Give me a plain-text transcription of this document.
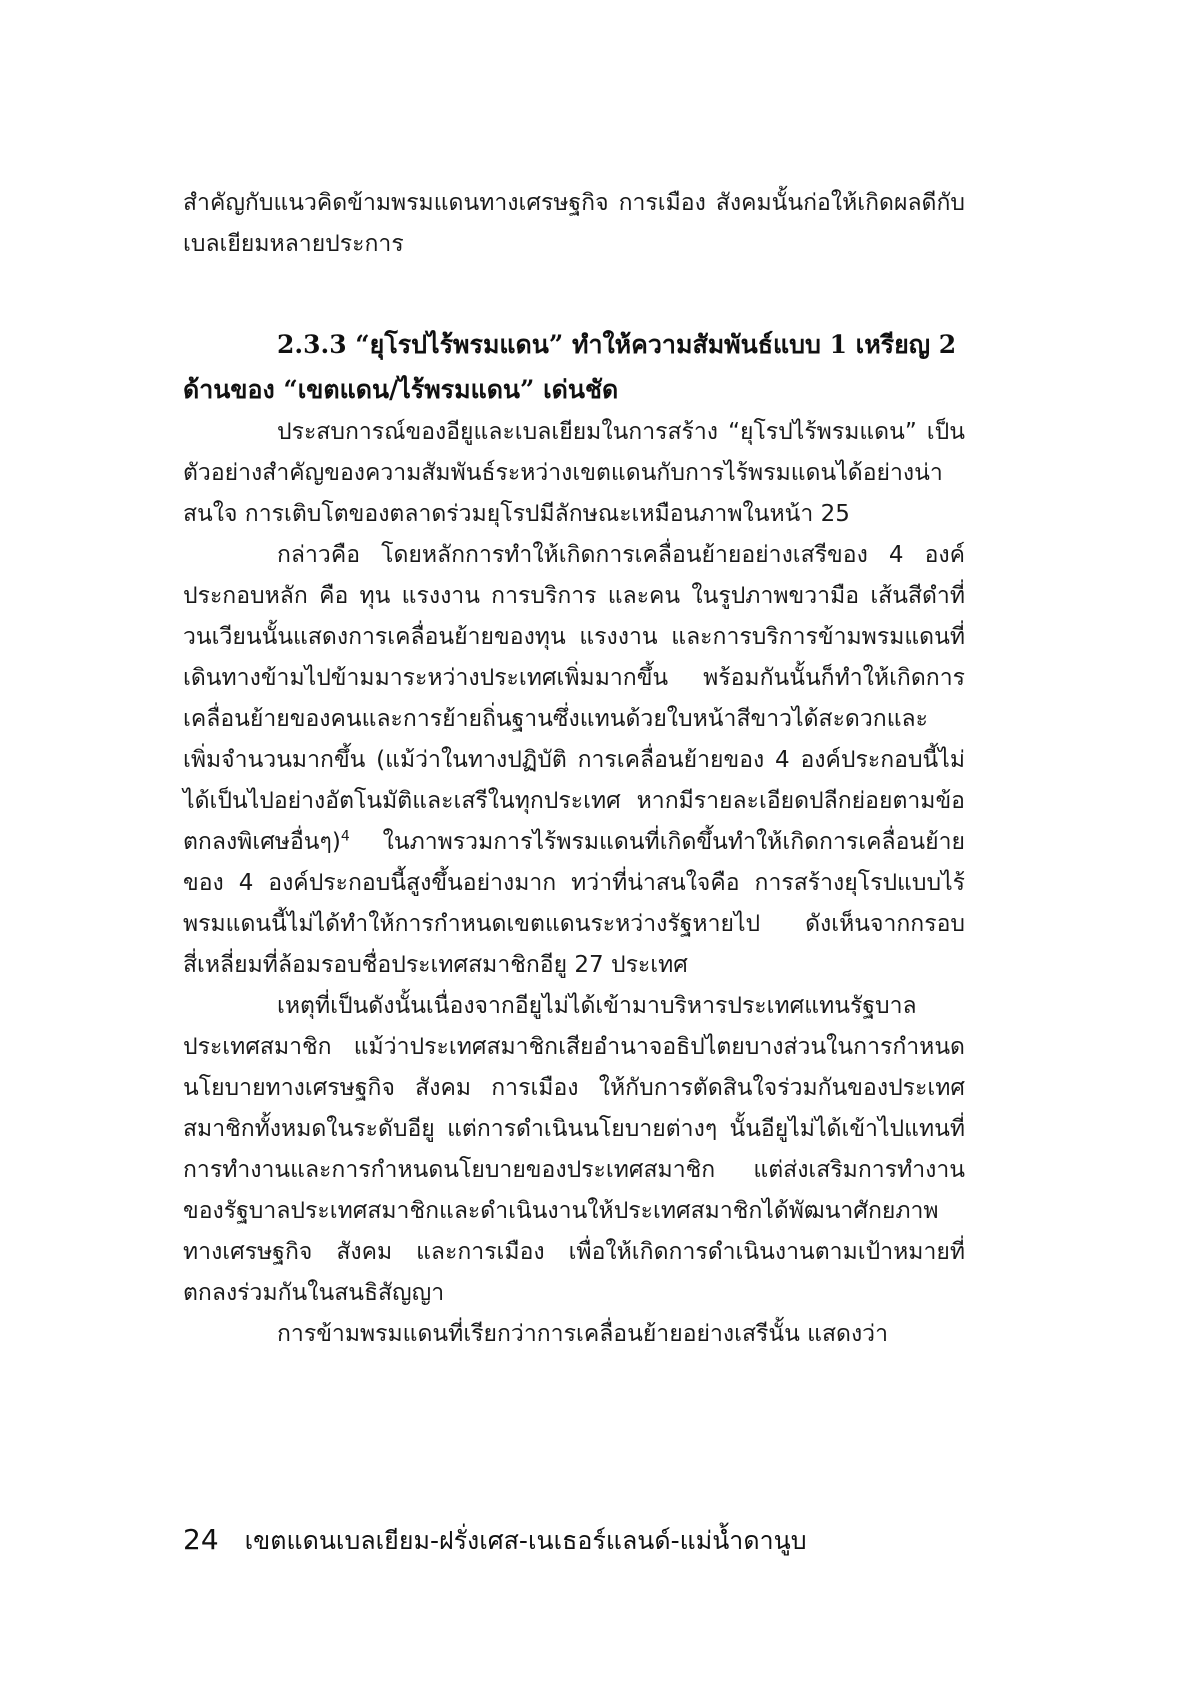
สำคัญกับแนวคิดข้ามพรมแดนทางเศรษฐกิจ การเมือง สังคมนั้นก่อให้เกิดผลดีกับเบลเยียมหลายประการ

2.3.3 “ยุโรปไร้พรมแดน” ทำให้ความสัมพันธ์แบบ 1 เหรียญ 2 ด้านของ “เขตแดน/ไร้พรมแดน” เด่นชัด

ประสบการณ์ของอียูและเบลเยียมในการสร้าง “ยุโรปไร้พรมแดน” เป็นตัวอย่างสำคัญของความสัมพันธ์ระหว่างเขตแดนกับการไร้พรมแดนได้อย่างน่าสนใจ การเติบโตของตลาดร่วมยุโรปมีลักษณะเหมือนภาพในหน้า 25

กล่าวคือ โดยหลักการทำให้เกิดการเคลื่อนย้ายอย่างเสรีของ 4 องค์ประกอบหลัก คือ ทุน แรงงาน การบริการ และคน ในรูปภาพขวามือ เส้นสีดำที่วนเวียนนั้นแสดงการเคลื่อนย้ายของทุน แรงงาน และการบริการข้ามพรมแดนที่เดินทางข้ามไปข้ามมาระหว่างประเทศเพิ่มมากขึ้น พร้อมกันนั้นก็ทำให้เกิดการเคลื่อนย้ายของคนและการย้ายถิ่นฐานซึ่งแทนด้วยใบหน้าสีขาวได้สะดวกและเพิ่มจำนวนมากขึ้น (แม้ว่าในทางปฏิบัติ การเคลื่อนย้ายของ 4 องค์ประกอบนี้ไม่ได้เป็นไปอย่างอัตโนมัติและเสรีในทุกประเทศ หากมีรายละเอียดปลีกย่อยตามข้อตกลงพิเศษอื่นๆ)$^4$ ในภาพรวมการไร้พรมแดนที่เกิดขึ้นทำให้เกิดการเคลื่อนย้ายของ 4 องค์ประกอบนี้สูงขึ้นอย่างมาก ทว่าที่น่าสนใจคือ การสร้างยุโรปแบบไร้พรมแดนนี้ไม่ได้ทำให้การกำหนดเขตแดนระหว่างรัฐหายไป ดังเห็นจากกรอบสี่เหลี่ยมที่ล้อมรอบชื่อประเทศสมาชิกอียู 27 ประเทศ

เหตุที่เป็นดังนั้นเนื่องจากอียูไม่ได้เข้ามาบริหารประเทศแทนรัฐบาลประเทศสมาชิก แม้ว่าประเทศสมาชิกเสียอำนาจอธิปไตยบางส่วนในการกำหนดนโยบายทางเศรษฐกิจ สังคม การเมือง ให้กับการตัดสินใจร่วมกันของประเทศสมาชิกทั้งหมดในระดับอียู แต่การดำเนินนโยบายต่างๆ นั้นอียูไม่ได้เข้าไปแทนที่การทำงานและการกำหนดนโยบายของประเทศสมาชิก แต่ส่งเสริมการทำงานของรัฐบาลประเทศสมาชิกและดำเนินงานให้ประเทศสมาชิกได้พัฒนาศักยภาพทางเศรษฐกิจ สังคม และการเมือง เพื่อให้เกิดการดำเนินงานตามเป้าหมายที่ตกลงร่วมกันในสนธิสัญญา

การข้ามพรมแดนที่เรียกว่าการเคลื่อนย้ายอย่างเสรีนั้น แสดงว่า

24 เขตแดนเบลเยียม-ฝรั่งเศส-เนเธอร์แลนด์-แม่น้ำดานูบ
